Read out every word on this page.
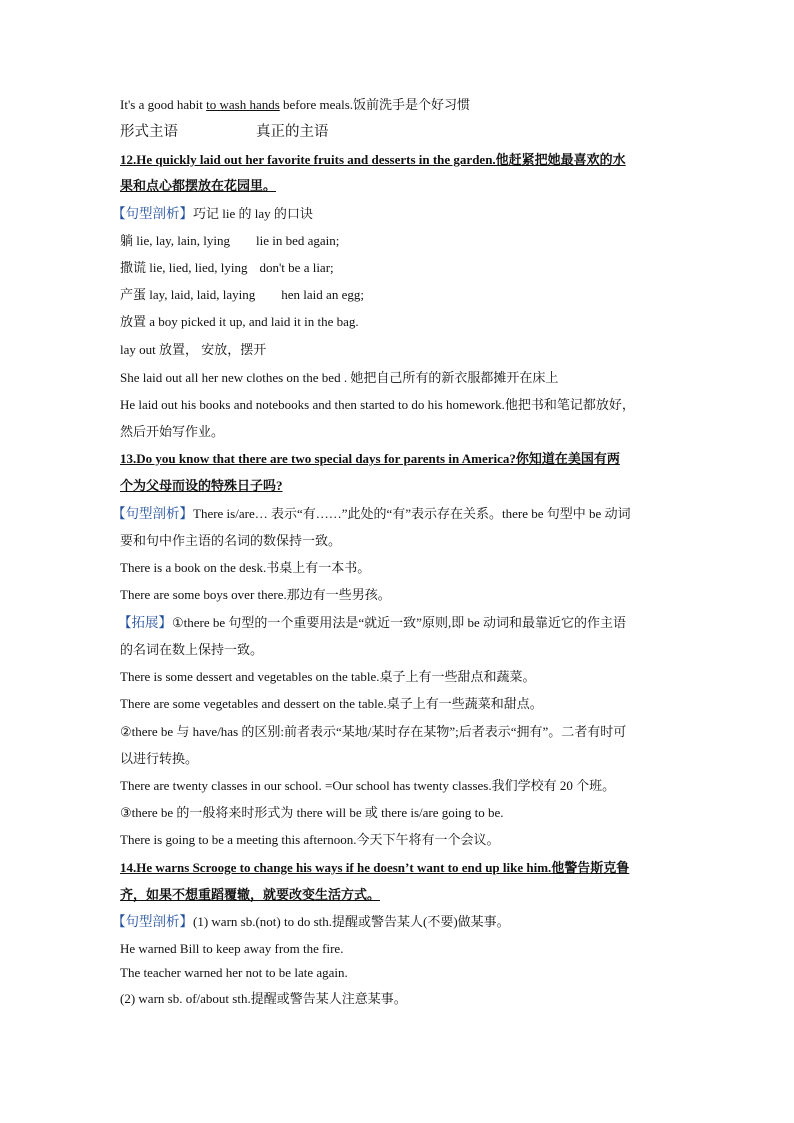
It's a good habit to wash hands before meals.饭前洗手是个好习惯
形式主语	真正的主语
12.He quickly laid out her favorite fruits and desserts in the garden.他赶紧把她最喜欢的水
果和点心都摆放在花园里。
【句型剖析】巧记 lie 的 lay 的口诀
躺 lie, lay, lain, lying lie in bed again;
撒谎 lie, lied, lied, lying don't be a liar;
产蛋 lay, laid, laid, laying hen laid an egg;
放置 a boy picked it up, and laid it in the bag.
lay out 放置， 安放，摆开
She laid out all her new clothes on the bed . 她把自己所有的新衣服都摊开在床上
He laid out his books and notebooks and then started to do his homework.他把书和笔记都放好，
然后开始写作业。
13.Do you know that there are two special days for parents in America?你知道在美国有两
个为父母而设的特殊日子吗?
【句型剖析】There is/are… 表示“有……”此处的“有”表示存在关系。there be 句型中 be 动词
要和句中作主语的名词的数保持一致。
There is a book on the desk.书桌上有一本书。
There are some boys over there.那边有一些男孩。
【拓展】①there be 句型的一个重要用法是“就近一致”原则,即 be 动词和最靠近它的作主语
的名词在数上保持一致。
There is some dessert and vegetables on the table.桌子上有一些甜点和蔬菜。
There are some vegetables and dessert on the table.桌子上有一些蔬菜和甜点。
②there be 与 have/has 的区别:前者表示“某地/某时存在某物”;后者表示“拥有”。二者有时可
以进行转换。
There are twenty classes in our school. =Our school has twenty classes.我们学校有 20 个班。
③there be 的一般将来时形式为 there will be 或 there is/are going to be.
There is going to be a meeting this afternoon.今天下午将有一个会议。
14.He warns Scrooge to change his ways if he doesn’t want to end up like him.他警告斯克鲁
齐，如果不想重蹈覆辙，就要改变生活方式。
【句型剖析】(1) warn sb.(not) to do sth.提醒或警告某人(不要)做某事。
He warned Bill to keep away from the fire.
The teacher warned her not to be late again.
(2) warn sb. of/about sth.提醒或警告某人注意某事。
